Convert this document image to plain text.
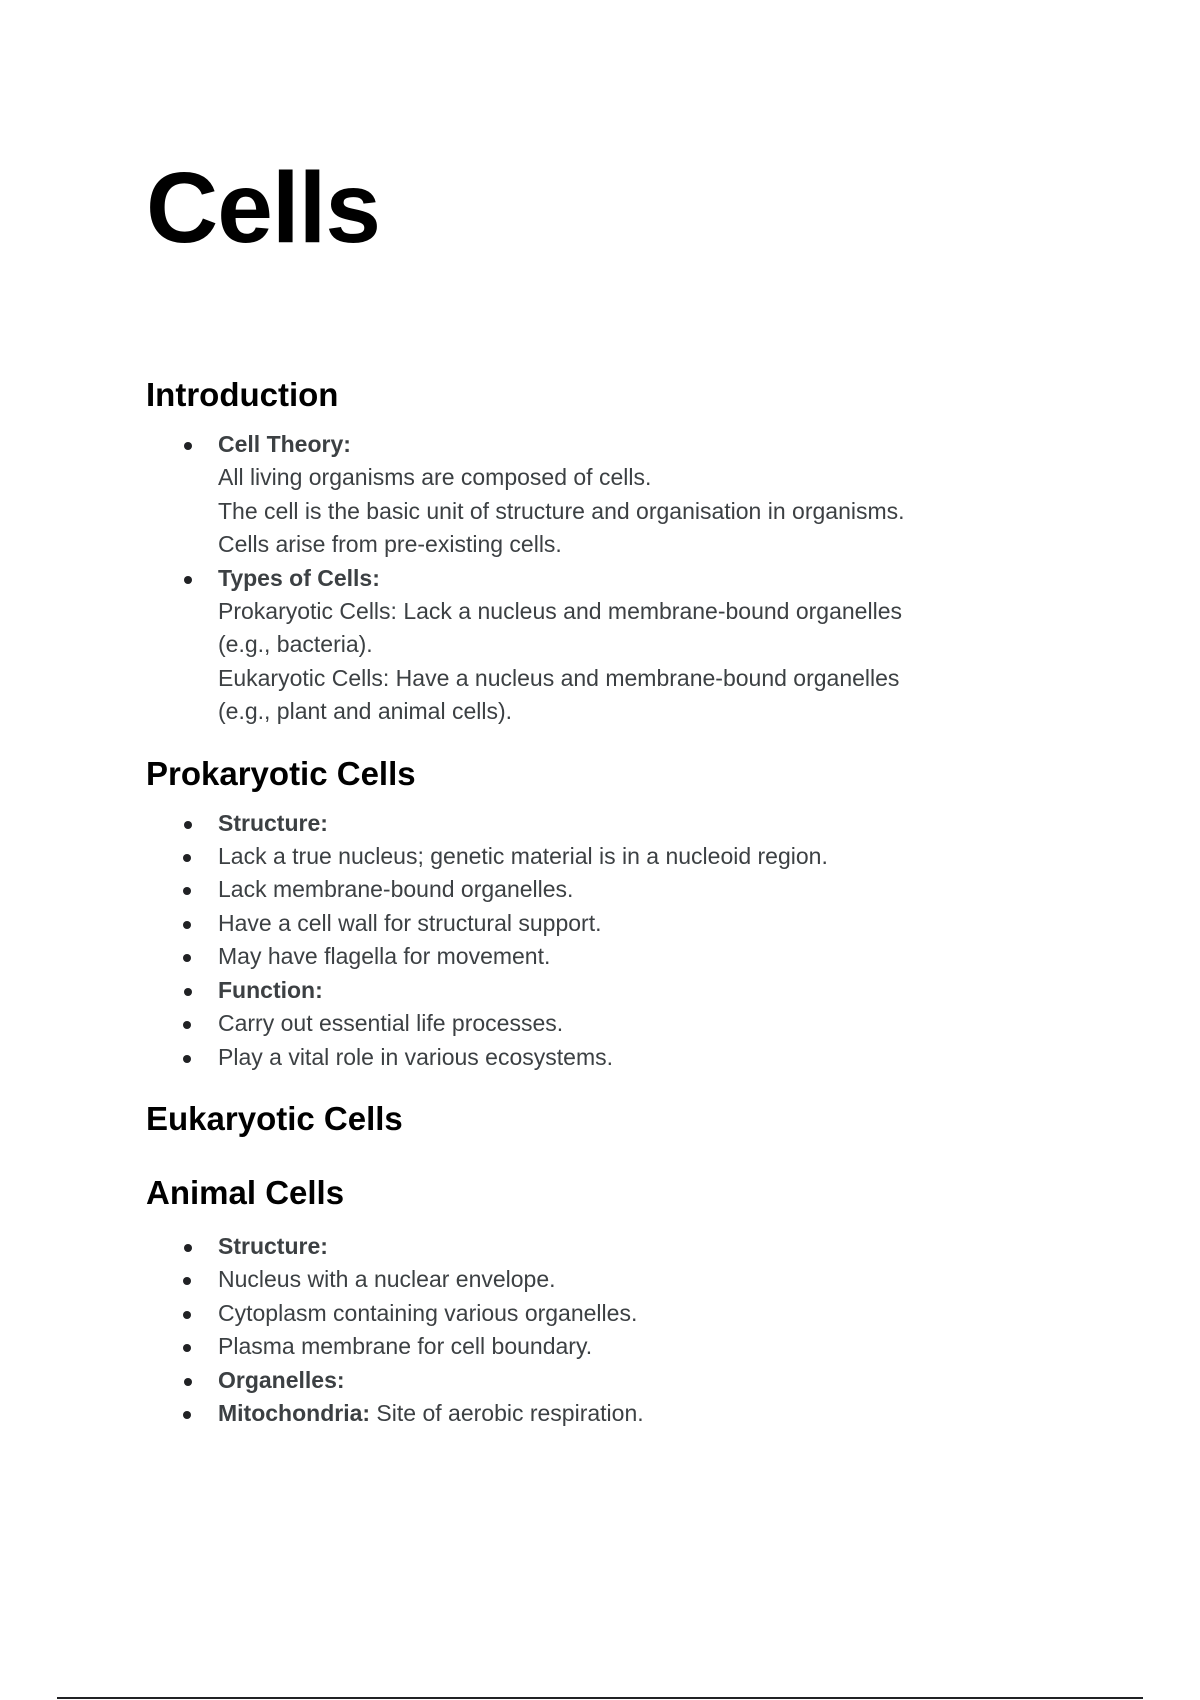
Cells
Introduction
Cell Theory:

All living organisms are composed of cells.

The cell is the basic unit of structure and organisation in organisms.

Cells arise from pre-existing cells.

Types of Cells:

Prokaryotic Cells: Lack a nucleus and membrane-bound organelles (e.g., bacteria).

Eukaryotic Cells: Have a nucleus and membrane-bound organelles (e.g., plant and animal cells).

Prokaryotic Cells
Structure:
Lack a true nucleus; genetic material is in a nucleoid region.
Lack membrane-bound organelles.
Have a cell wall for structural support.
May have flagella for movement.
Function:
Carry out essential life processes.
Play a vital role in various ecosystems.
Eukaryotic Cells
Animal Cells
Structure:
Nucleus with a nuclear envelope.
Cytoplasm containing various organelles.
Plasma membrane for cell boundary.
Organelles:
Mitochondria: Site of aerobic respiration.
